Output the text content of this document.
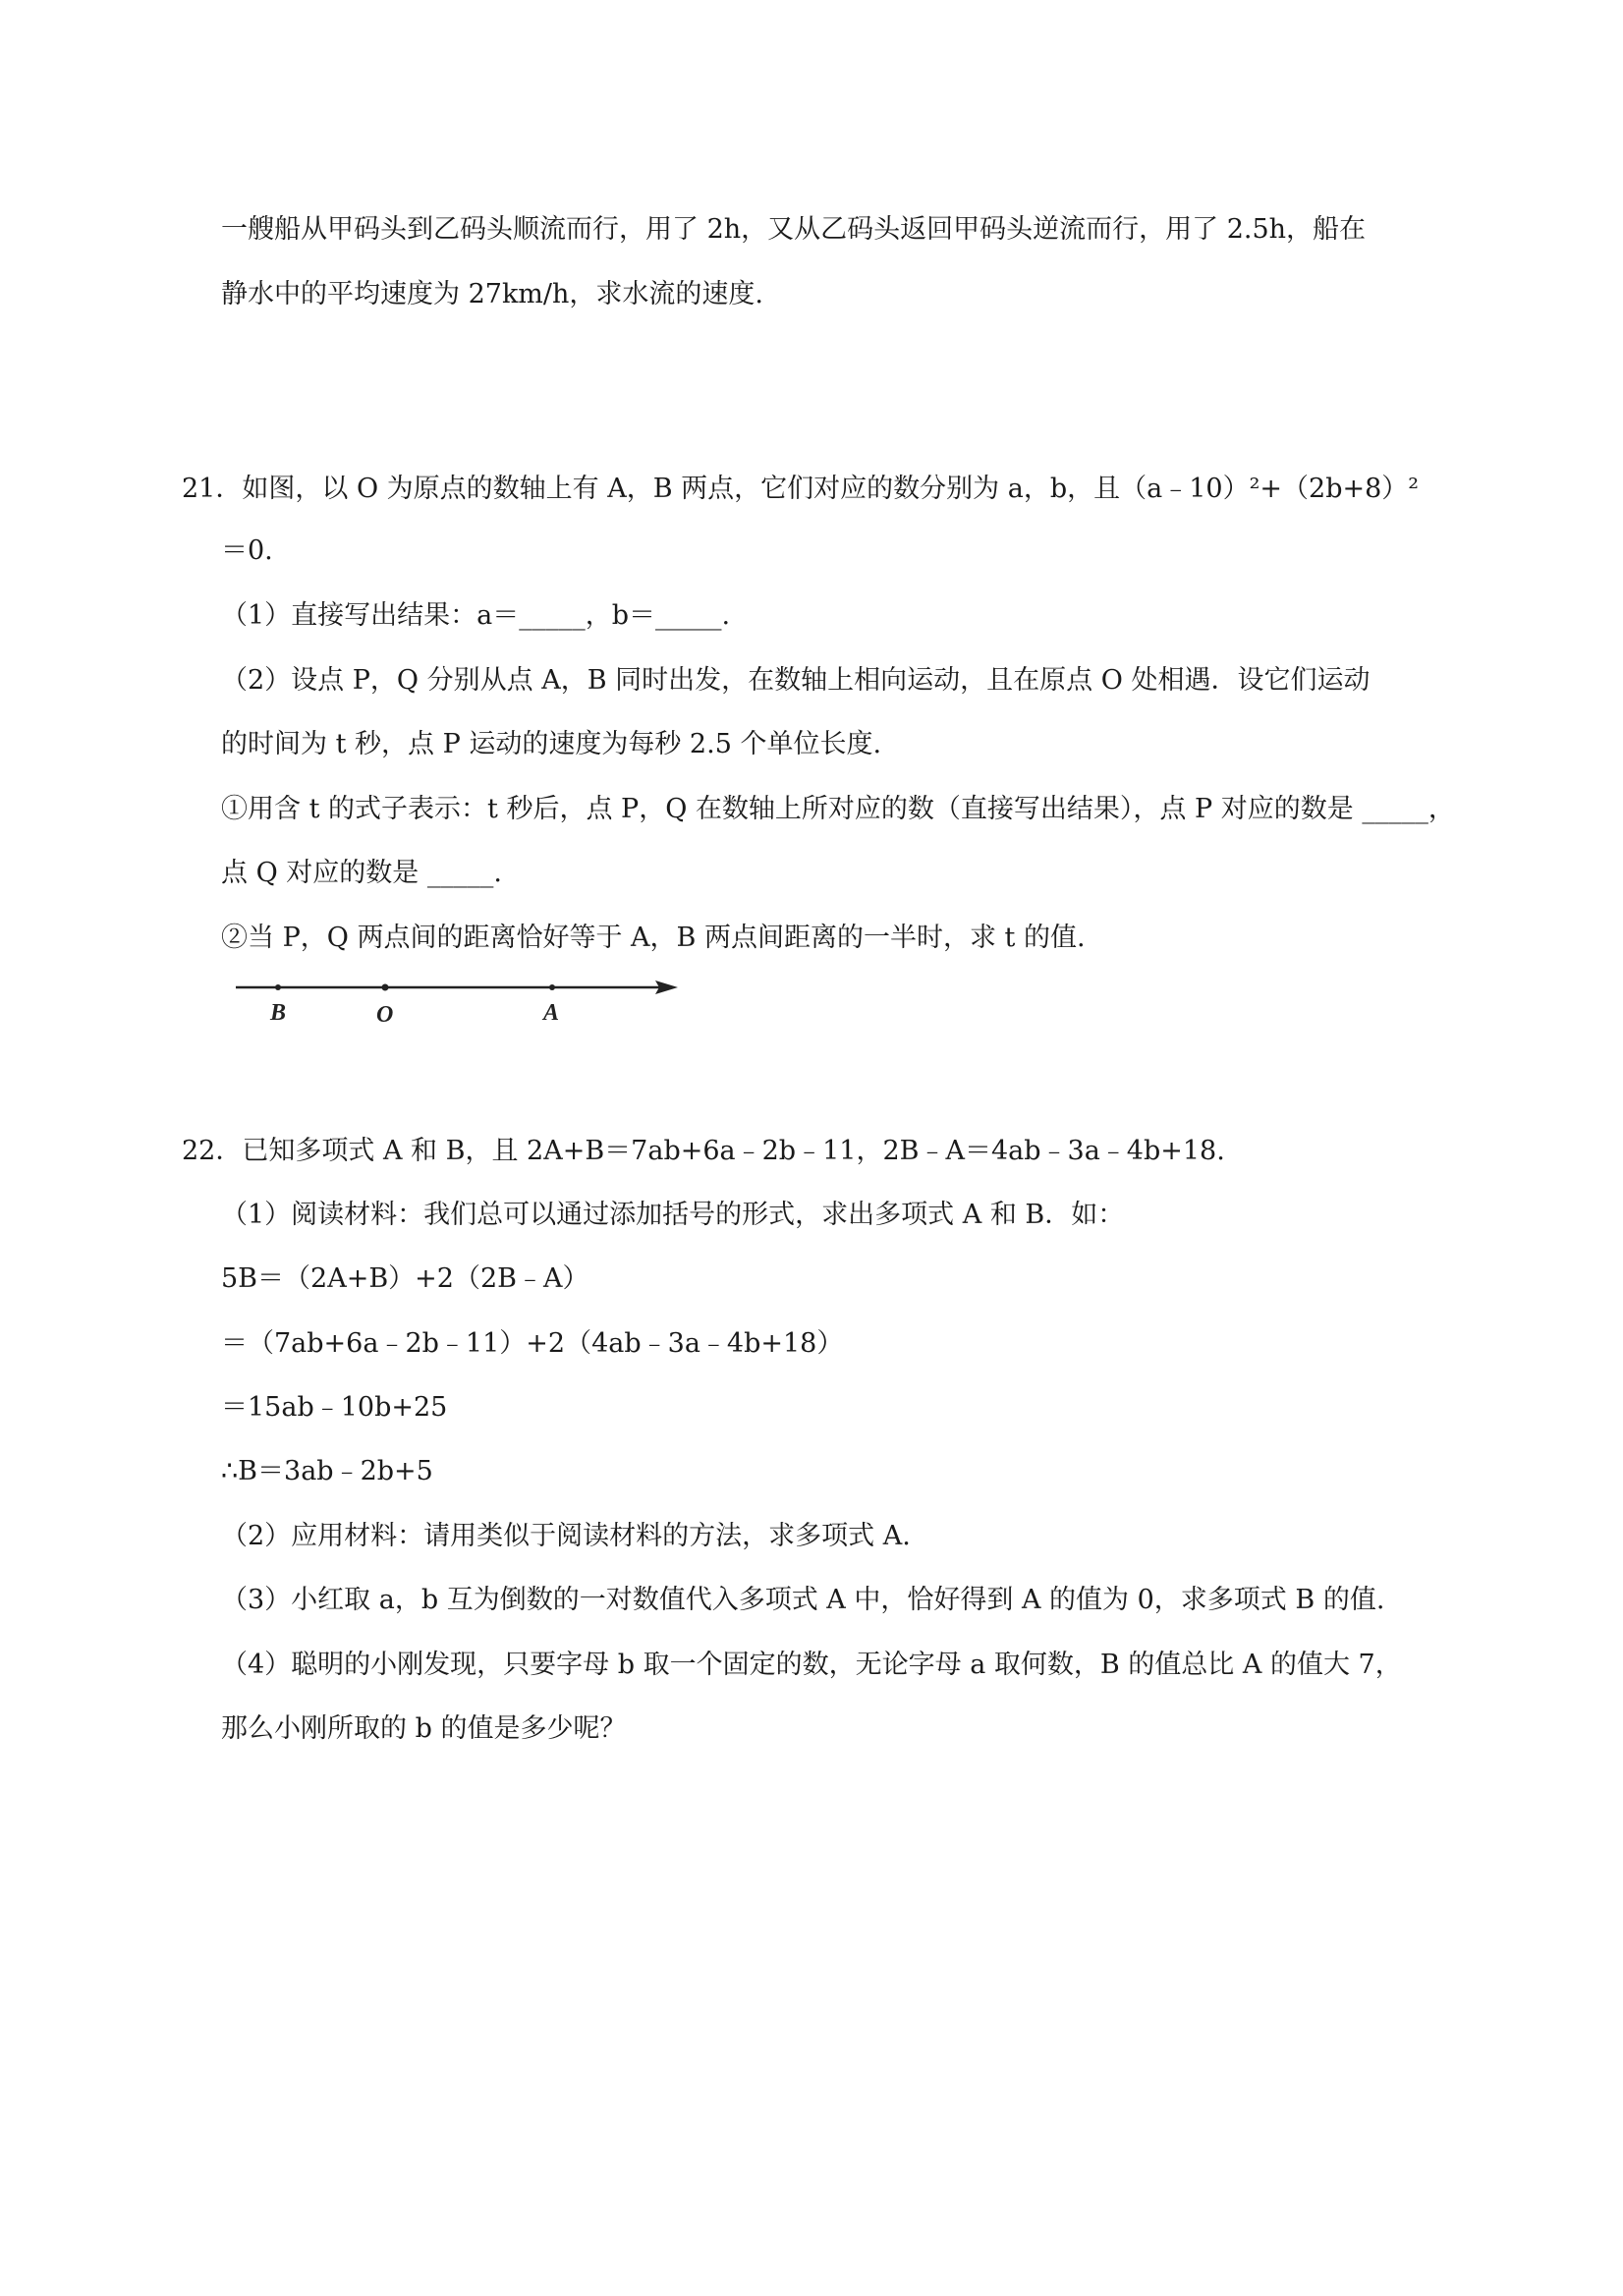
一艘船从甲码头到乙码头顺流而行，用了 2h，又从乙码头返回甲码头逆流而行，用了 2.5h，船在
静水中的平均速度为 27km/h，求水流的速度.
21．如图，以 O 为原点的数轴上有 A，B 两点，它们对应的数分别为 a，b，且（a﹣10）²+（2b+8）²
＝0.
（1）直接写出结果：a＝_____，b＝_____.
（2）设点 P，Q 分别从点 A，B 同时出发，在数轴上相向运动，且在原点 O 处相遇．设它们运动
的时间为 t 秒，点 P 运动的速度为每秒 2.5 个单位长度.
①用含 t 的式子表示：t 秒后，点 P，Q 在数轴上所对应的数（直接写出结果），点 P 对应的数是 _____，
点 Q 对应的数是 _____.
②当 P，Q 两点间的距离恰好等于 A，B 两点间距离的一半时，求 t 的值.
B	O	A
22．已知多项式 A 和 B，且 2A+B＝7ab+6a﹣2b﹣11，2B﹣A＝4ab﹣3a﹣4b+18.
（1）阅读材料：我们总可以通过添加括号的形式，求出多项式 A 和 B．如：
5B＝（2A+B）+2（2B﹣A）
＝（7ab+6a﹣2b﹣11）+2（4ab﹣3a﹣4b+18）
＝15ab﹣10b+25
∴B＝3ab﹣2b+5
（2）应用材料：请用类似于阅读材料的方法，求多项式 A.
（3）小红取 a，b 互为倒数的一对数值代入多项式 A 中，恰好得到 A 的值为 0，求多项式 B 的值.
（4）聪明的小刚发现，只要字母 b 取一个固定的数，无论字母 a 取何数，B 的值总比 A 的值大 7，
那么小刚所取的 b 的值是多少呢？
